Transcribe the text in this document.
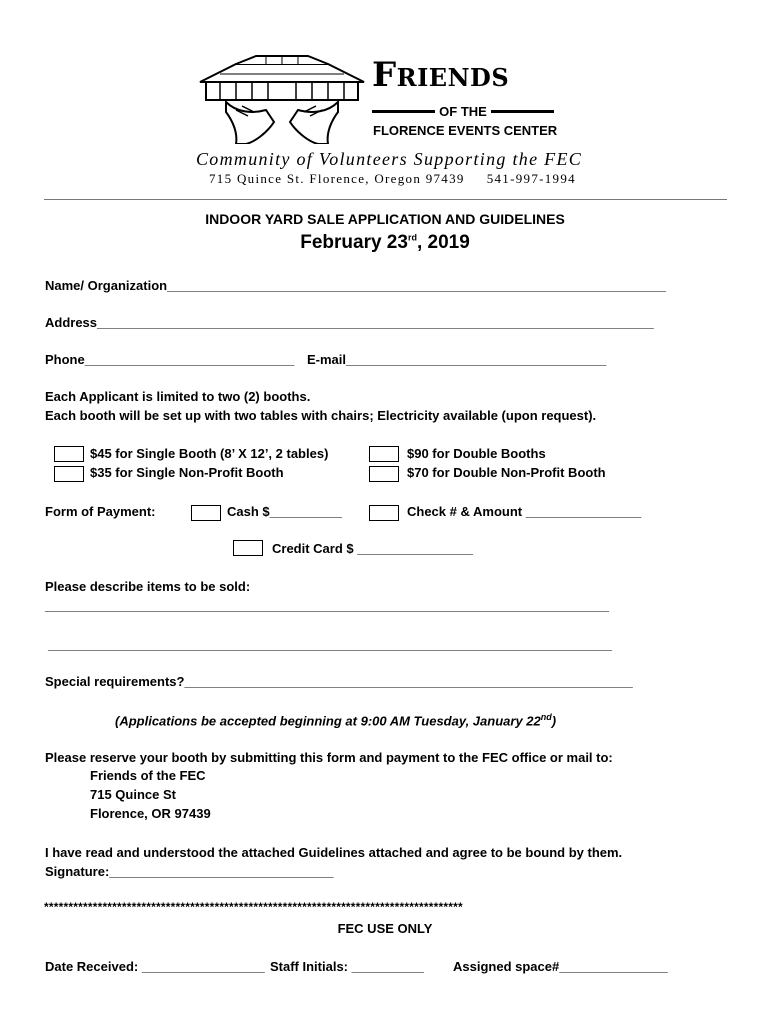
Friends
OF THE
FLORENCE EVENTS CENTER
Community of Volunteers Supporting the FEC
715 Quince St. Florence, Oregon 97439 541-997-1994
INDOOR YARD SALE APPLICATION AND GUIDELINES
February 23rd, 2019
Name/ Organization_____________________________________________________________________
Address_____________________________________________________________________________
Phone_____________________________ E-mail____________________________________
Each Applicant is limited to two (2) booths.
Each booth will be set up with two tables with chairs; Electricity available (upon request).
$45 for Single Booth (8’ X 12’, 2 tables)
$35 for Single Non-Profit Booth
$90 for Double Booths
$70 for Double Non-Profit Booth
Form of Payment:	Cash $__________	Check # & Amount ________________
Credit Card $ ________________
Please describe items to be sold:
______________________________________________________________________________
______________________________________________________________________________
Special requirements?______________________________________________________________
(Applications be accepted beginning at 9:00 AM Tuesday, January 22nd)
Please reserve your booth by submitting this form and payment to the FEC office or mail to:
Friends of the FEC
715 Quince St
Florence, OR 97439
I have read and understood the attached Guidelines attached and agree to be bound by them.
Signature:_______________________________
**************************************************************************************
FEC USE ONLY
Date Received: _________________ Staff Initials: __________ Assigned space#_______________
